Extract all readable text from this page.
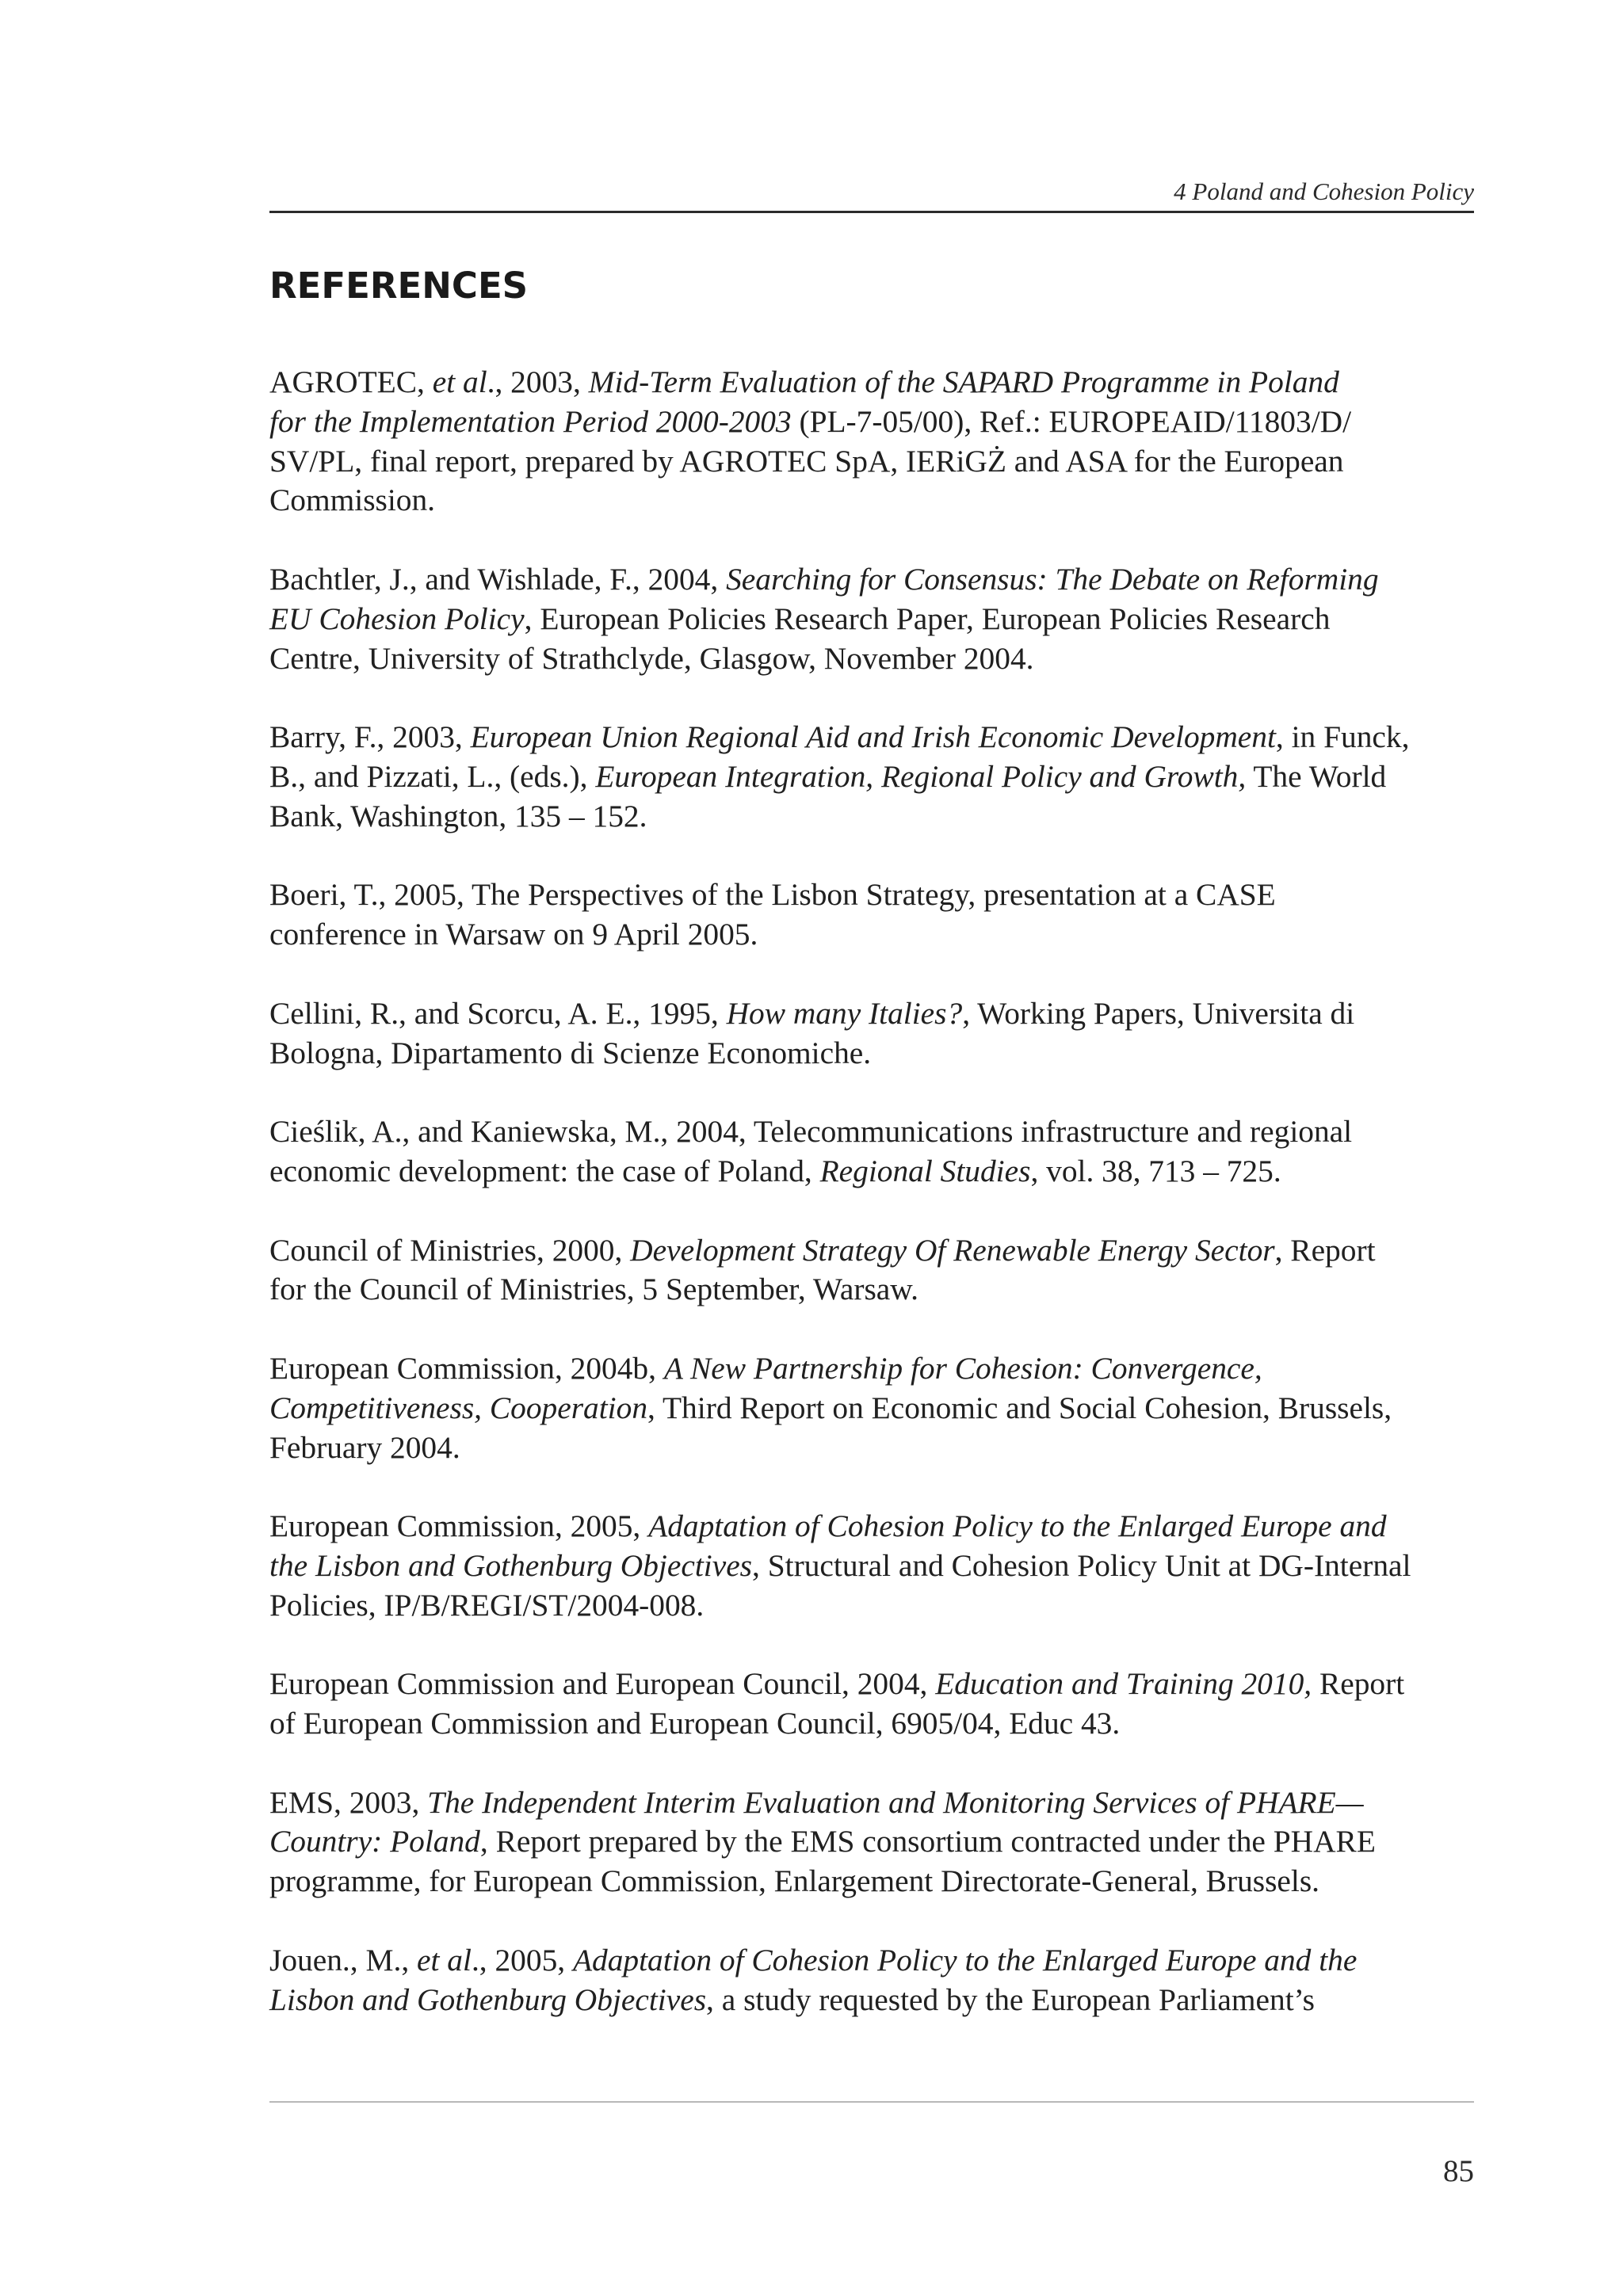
4 Poland and Cohesion Policy
REFERENCES

AGROTEC, et al., 2003, Mid-Term Evaluation of the SAPARD Programme in Poland
for the Implementation Period 2000-2003 (PL-7-05/00), Ref.: EUROPEAID/11803/D/
SV/PL, final report, prepared by AGROTEC SpA, IERiGŻ and ASA for the European
Commission.

Bachtler, J., and Wishlade, F., 2004, Searching for Consensus: The Debate on Reforming
EU Cohesion Policy, European Policies Research Paper, European Policies Research
Centre, University of Strathclyde, Glasgow, November 2004.

Barry, F., 2003, European Union Regional Aid and Irish Economic Development, in Funck,
B., and Pizzati, L., (eds.), European Integration, Regional Policy and Growth, The World
Bank, Washington, 135 – 152.

Boeri, T., 2005, The Perspectives of the Lisbon Strategy, presentation at a CASE
conference in Warsaw on 9 April 2005.

Cellini, R., and Scorcu, A. E., 1995, How many Italies?, Working Papers, Universita di
Bologna, Dipartamento di Scienze Economiche.

Cieślik, A., and Kaniewska, M., 2004, Telecommunications infrastructure and regional
economic development: the case of Poland, Regional Studies, vol. 38, 713 – 725.

Council of Ministries, 2000, Development Strategy Of Renewable Energy Sector, Report
for the Council of Ministries, 5 September, Warsaw.

European Commission, 2004b, A New Partnership for Cohesion: Convergence,
Competitiveness, Cooperation, Third Report on Economic and Social Cohesion, Brussels,
February 2004.

European Commission, 2005, Adaptation of Cohesion Policy to the Enlarged Europe and
the Lisbon and Gothenburg Objectives, Structural and Cohesion Policy Unit at DG-Internal
Policies, IP/B/REGI/ST/2004-008.

European Commission and European Council, 2004, Education and Training 2010, Report
of European Commission and European Council, 6905/04, Educ 43.

EMS, 2003, The Independent Interim Evaluation and Monitoring Services of PHARE—
Country: Poland, Report prepared by the EMS consortium contracted under the PHARE
programme, for European Commission, Enlargement Directorate-General, Brussels.

Jouen., M., et al., 2005, Adaptation of Cohesion Policy to the Enlarged Europe and the
Lisbon and Gothenburg Objectives, a study requested by the European Parliament’s

85
